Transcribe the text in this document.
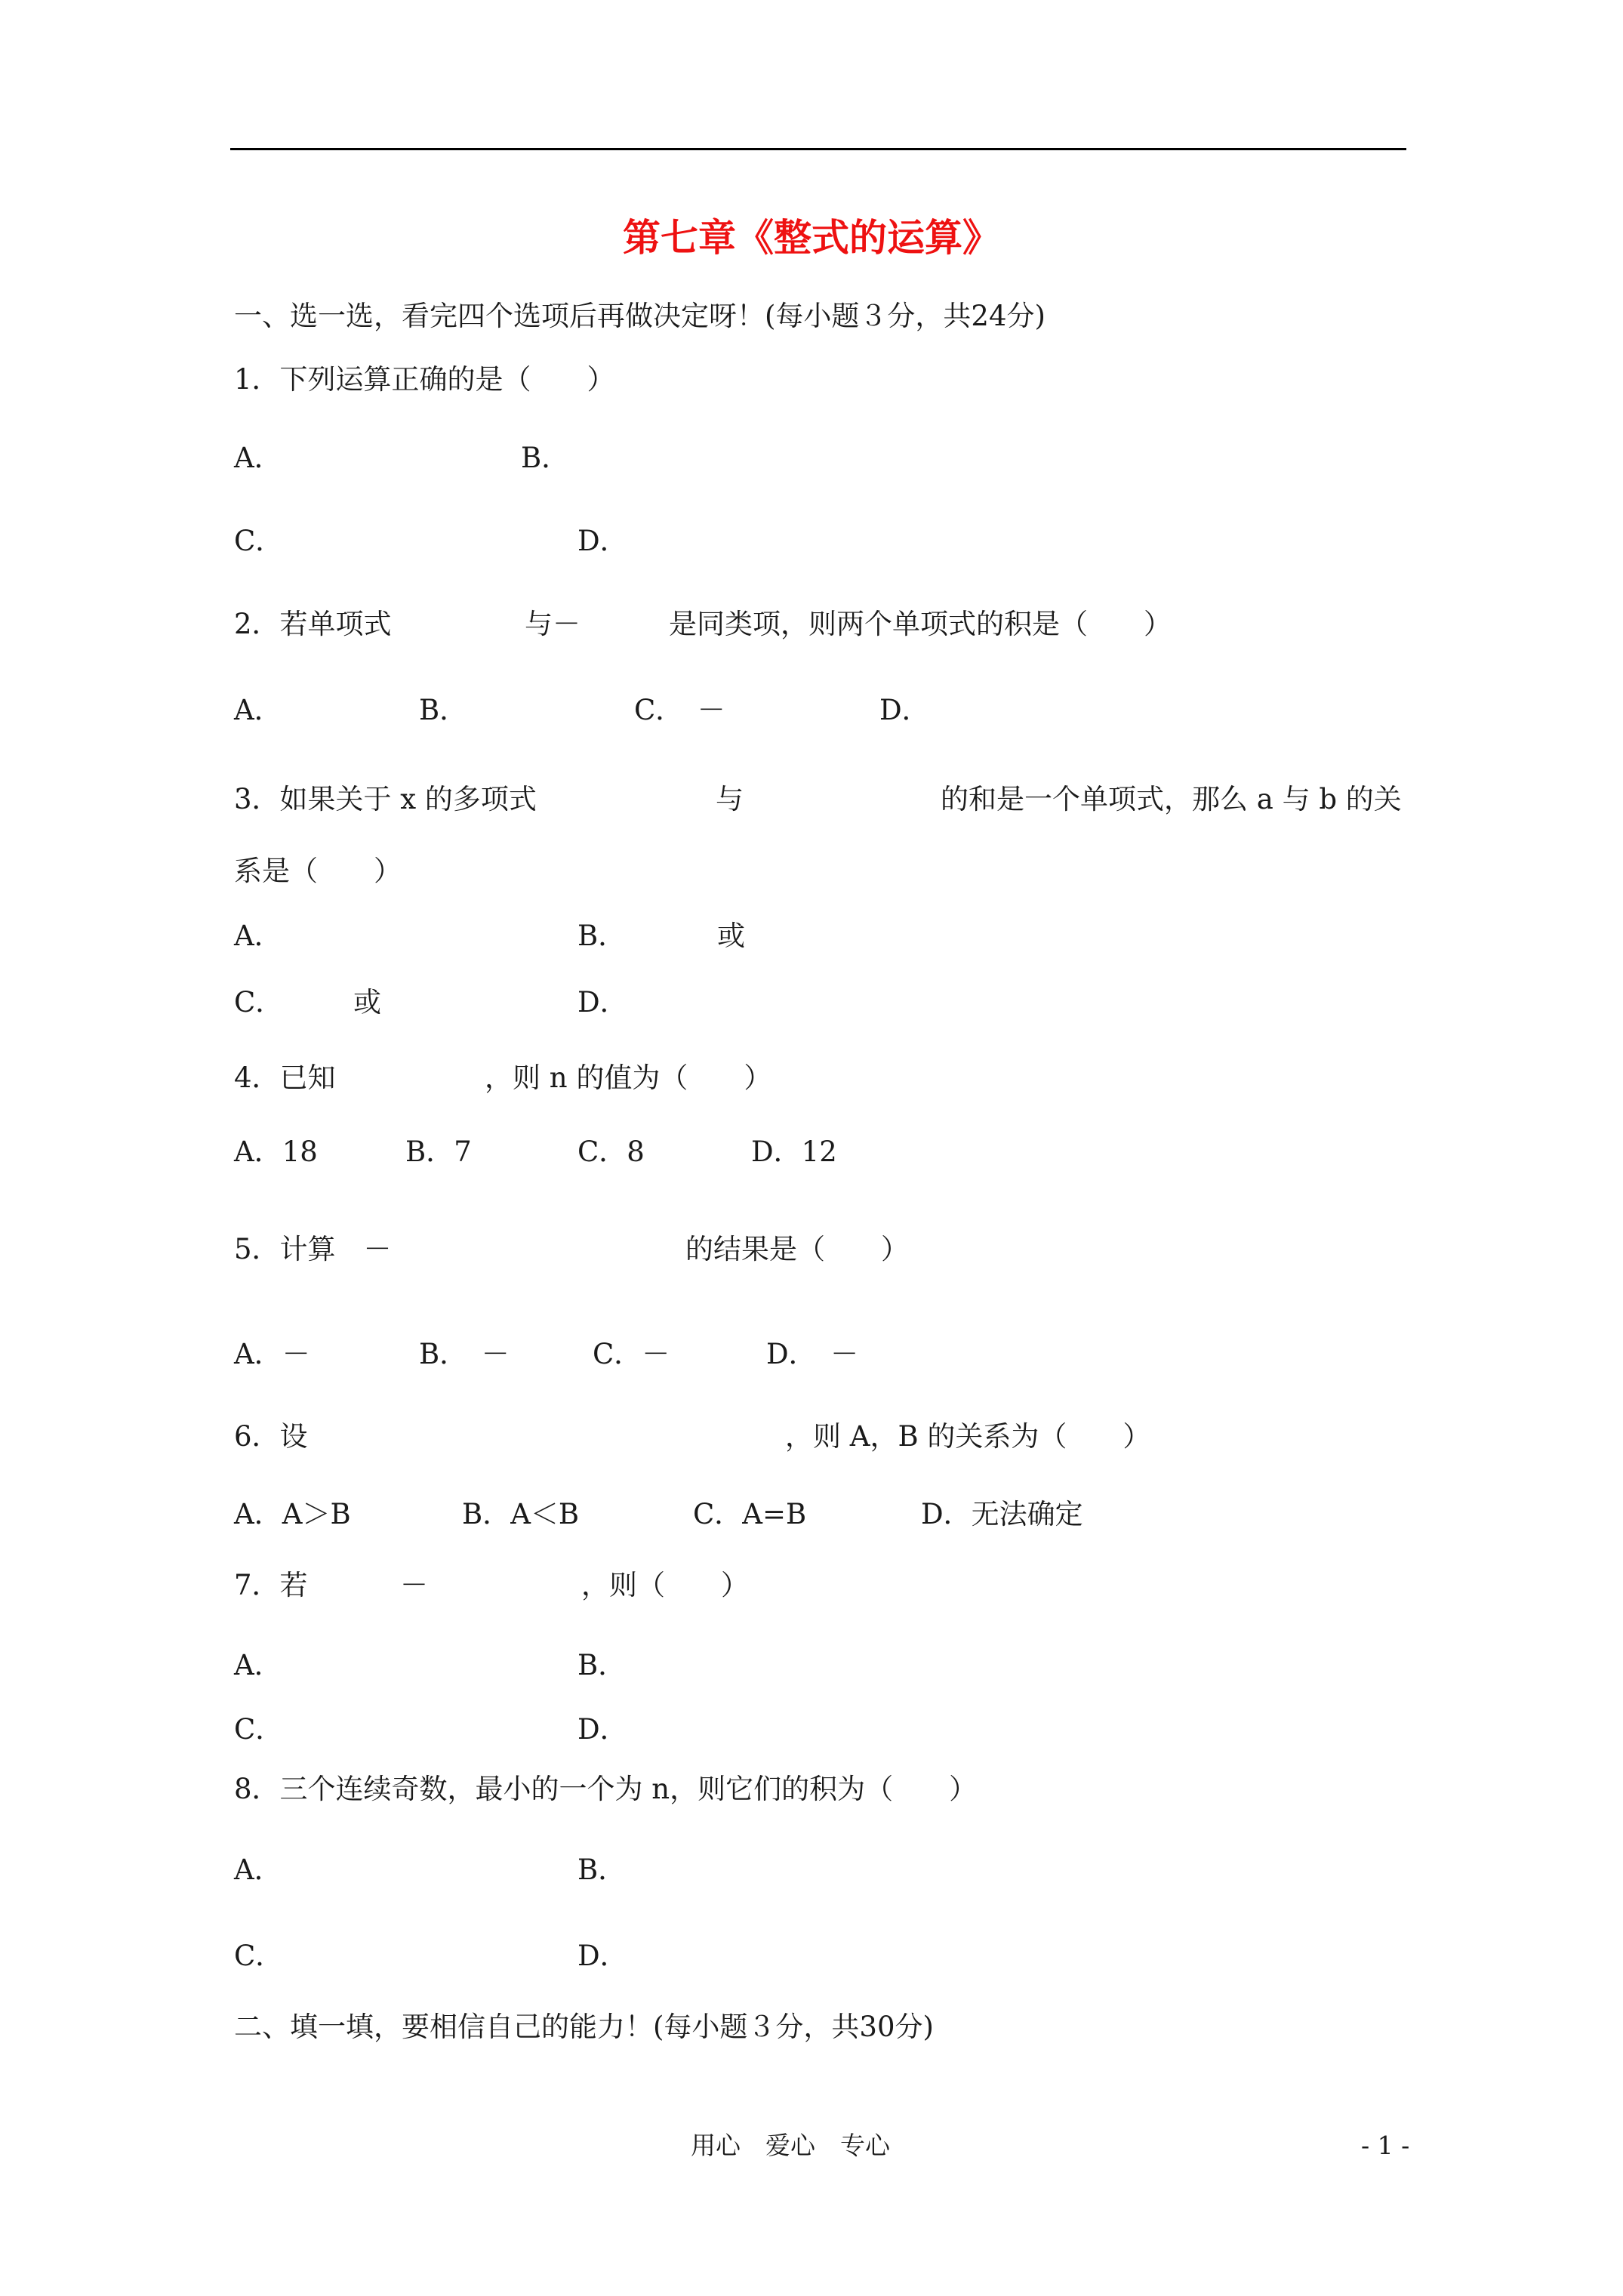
第七章《整式的运算》
一、选一选，看完四个选项后再做决定呀！(每小题３分，共24分)
1．下列运算正确的是（　　）
A．	B．
C．	D．
2．若单项式	与－	是同类项，则两个单项式的积是（　　）
A．	B．	C．　－	D．
3．如果关于 x 的多项式	与	的和是一个单项式，那么 a 与 b 的关
系是（　　）
A．	B．	或
C．	或	D．
4．已知	，则 n 的值为（　　）
A．18	B．7	C．8	D．12
5．计算　－	的结果是（　　）
A．－	B．　－	C．－	D．　－
6．设	，则 A，B 的关系为（　　）
A．A＞B	B．A＜B	C．A=B	D．无法确定
7．若	－	，则（　　）
A．	B．
C．	D．
8．三个连续奇数，最小的一个为 n，则它们的积为（　　）
A．	B．
C．	D．
二、填一填，要相信自己的能力！(每小题３分，共30分)
用心　爱心　专心	- 1 -
